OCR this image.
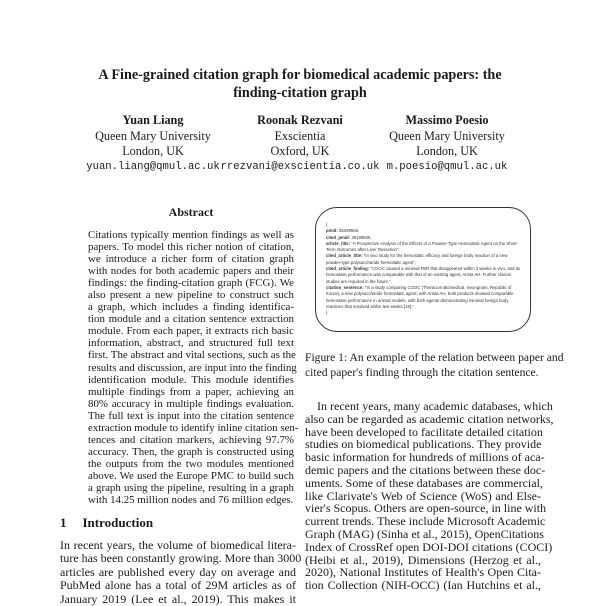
A Fine-grained citation graph for biomedical academic papers: the
finding-citation graph
Yuan Liang
Queen Mary University
London, UK
yuan.liang@qmul.ac.uk
Roonak Rezvani
Exscientia
Oxford, UK
rrezvani@exscientia.co.uk
Massimo Poesio
Queen Mary University
London, UK
m.poesio@qmul.ac.uk
Abstract
Citations typically mention findings as well as
papers. To model this richer notion of citation,
we introduce a richer form of citation graph
with nodes for both academic papers and their
findings: the finding-citation graph (FCG). We
also present a new pipeline to construct such
a graph, which includes a finding identifica-
tion module and a citation sentence extraction
module. From each paper, it extracts rich basic
information, abstract, and structured full text
first. The abstract and vital sections, such as the
results and discussion, are input into the finding
identification module. This module identifies
multiple findings from a paper, achieving an
80% accuracy in multiple findings evaluation.
The full text is input into the citation sentence
extraction module to identify inline citation sen-
tences and citation markers, achieving 97.7%
accuracy. Then, the graph is constructed using
the outputs from the two modules mentioned
above. We used the Europe PMC to build such
a graph using the pipeline, resulting in a graph
with 14.25 million nodes and 76 million edges.
1 Introduction
In recent years, the volume of biomedical litera-
ture has been constantly growing. More than 3000
articles are published every day on average and
PubMed alone has a total of 29M articles as of
January 2019 (Lee et al., 2019). This makes it
{
pmid: 35399565,
cited_pmid: 35198506,
article_title: "A Prospective Analysis of the Effects of a Powder-Type Hemostatic Agent on the Short-Term Outcomes after Liver Resection",
cited_article_title: "In vivo study for the hemostatic efficacy and foreign body reaction of a new powder-type polysaccharide hemostatic agent",
cited_article_finding: "CGOC caused a minimal FBR that disappeared within 2 weeks in vivo, and its hemostatic performance was comparable with that of an existing agent, Arista AH. Further clinical studies are required in the future.",
citation_sentence: "In a study comparing CGOC (Theracion Biomedical, Seongnam, Republic of Korea), a new polysaccharide hemostatic agent, with Arista AH, both products showed comparable hemostatic performance in animal models, with both agents demonstrating minimal foreign body reactions that resolved within two weeks [18]."
}
Figure 1: An example of the relation between paper and
cited paper's finding through the citation sentence.
In recent years, many academic databases, which
also can be regarded as academic citation networks,
have been developed to facilitate detailed citation
studies on biomedical publications. They provide
basic information for hundreds of millions of aca-
demic papers and the citations between these doc-
uments. Some of these databases are commercial,
like Clarivate's Web of Science (WoS) and Else-
vier's Scopus. Others are open-source, in line with
current trends. These include Microsoft Academic
Graph (MAG) (Sinha et al., 2015), OpenCitations
Index of CrossRef open DOI-DOI citations (COCI)
(Heibi et al., 2019), Dimensions (Herzog et al.,
2020), National Institutes of Health's Open Cita-
tion Collection (NIH-OCC) (Ian Hutchins et al.,
